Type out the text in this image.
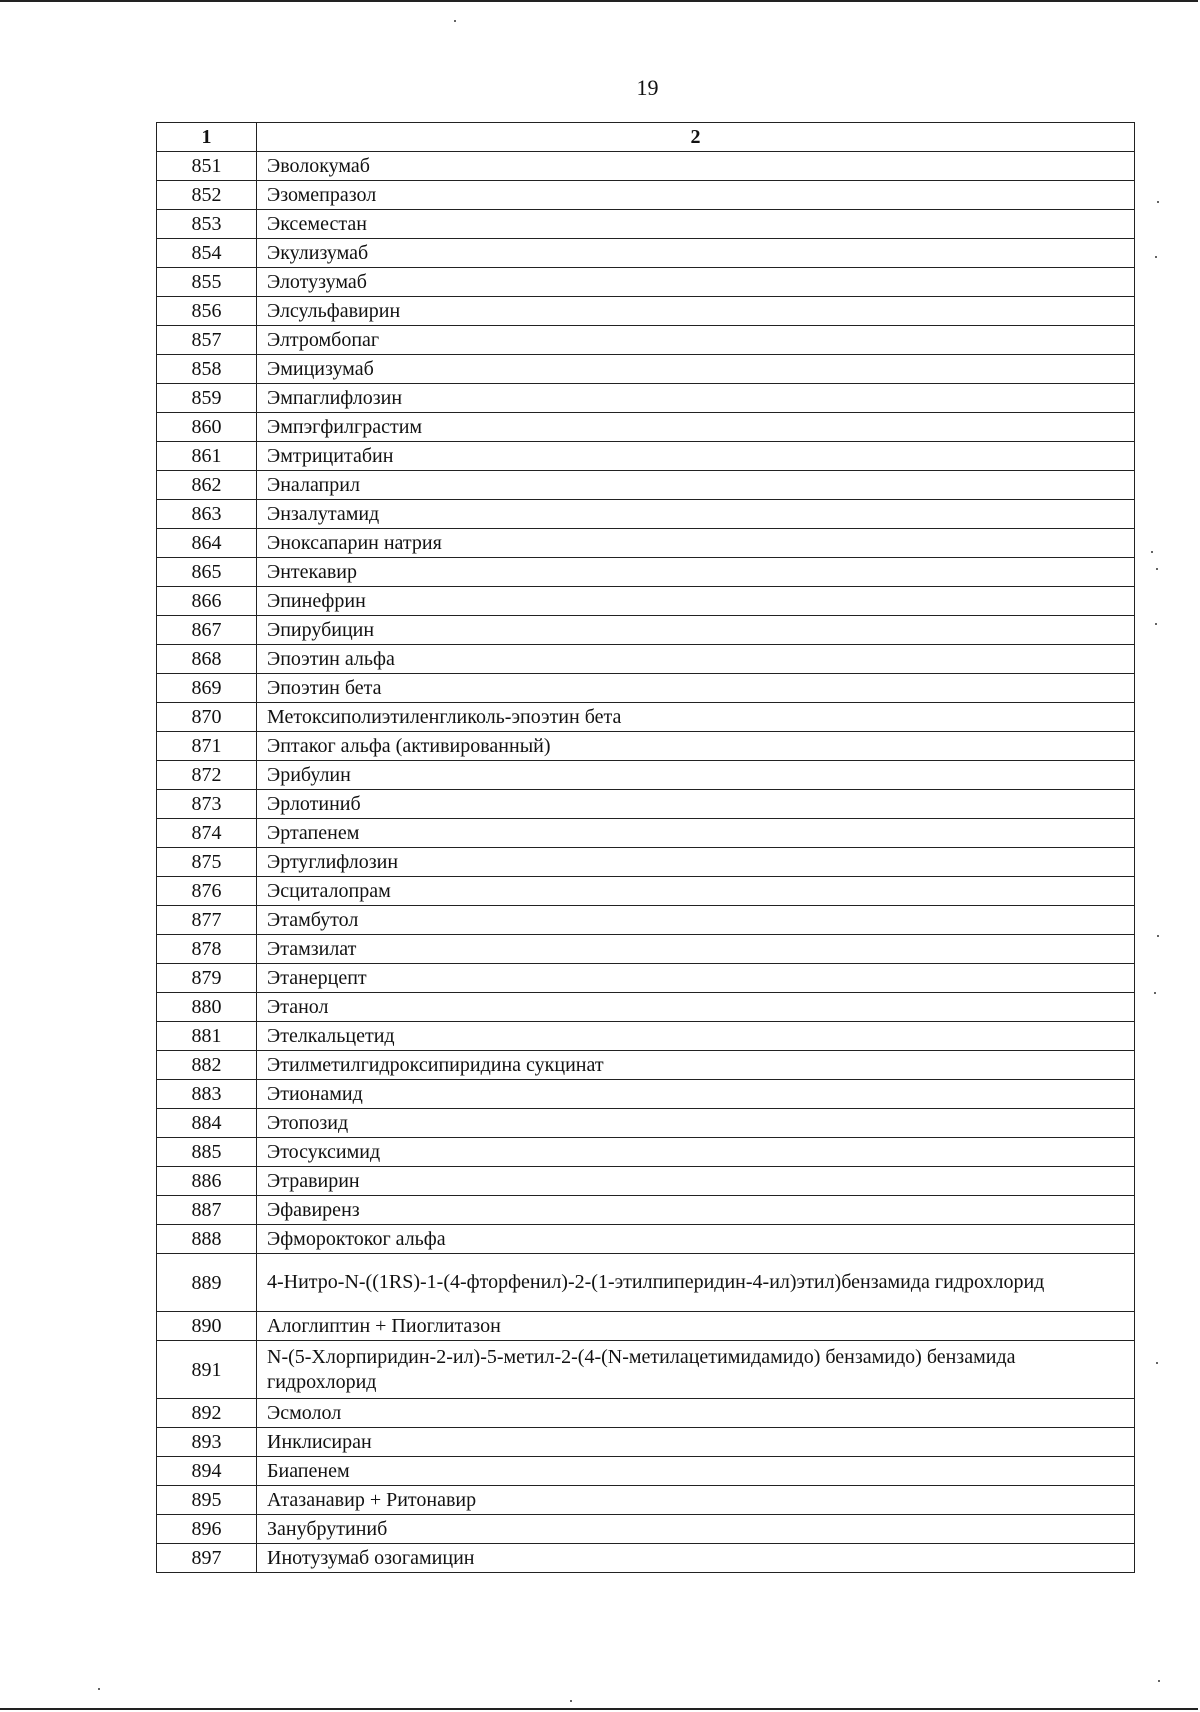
19
1	2
851	Эволокумаб
852	Эзомепразол
853	Эксеместан
854	Экулизумаб
855	Элотузумаб
856	Элсульфавирин
857	Элтромбопаг
858	Эмицизумаб
859	Эмпаглифлозин
860	Эмпэгфилграстим
861	Эмтрицитабин
862	Эналаприл
863	Энзалутамид
864	Эноксапарин натрия
865	Энтекавир
866	Эпинефрин
867	Эпирубицин
868	Эпоэтин альфа
869	Эпоэтин бета
870	Метоксиполиэтиленгликоль-эпоэтин бета
871	Эптаког альфа (активированный)
872	Эрибулин
873	Эрлотиниб
874	Эртапенем
875	Эртуглифлозин
876	Эсциталопрам
877	Этамбутол
878	Этамзилат
879	Этанерцепт
880	Этанол
881	Этелкальцетид
882	Этилметилгидроксипиридина сукцинат
883	Этионамид
884	Этопозид
885	Этосуксимид
886	Этравирин
887	Эфавиренз
888	Эфмороктоког альфа
889	4-Нитро-N-((1RS)-1-(4-фторфенил)-2-(1-этилпиперидин-4-ил)этил)бензамида гидрохлорид
890	Алоглиптин + Пиоглитазон
891	N-(5-Хлорпиридин-2-ил)-5-метил-2-(4-(N-метилацетимидамидо) бензамидо) бензамида гидрохлорид
892	Эсмолол
893	Инклисиран
894	Биапенем
895	Атазанавир + Ритонавир
896	Занубрутиниб
897	Инотузумаб озогамицин
